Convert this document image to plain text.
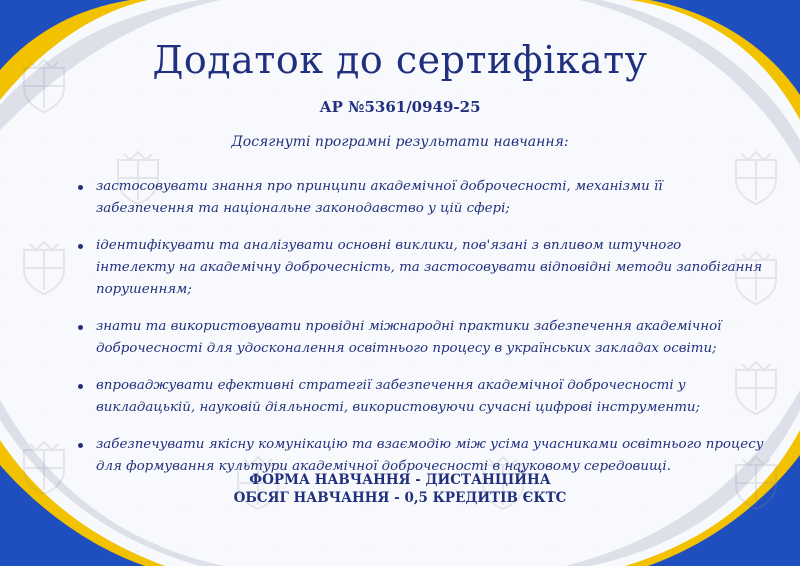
Додаток до сертифікату
АР №5361/0949-25
Досягнуті програмні результати навчання:
застосовувати знання про принципи академічної доброчесності, механізми її забезпечення та національне законодавство у цій сфері;
ідентифікувати та аналізувати основні виклики, пов'язані з впливом штучного інтелекту на академічну доброчесність, та застосовувати відповідні методи запобігання порушенням;
знати та використовувати провідні міжнародні практики забезпечення академічної доброчесності для удосконалення освітнього процесу в українських закладах освіти;
впроваджувати ефективні стратегії забезпечення академічної доброчесності у викладацькій, науковій діяльності, використовуючи сучасні цифрові інструменти;
забезпечувати якісну комунікацію та взаємодію між усіма учасниками освітнього процесу для формування культури академічної доброчесності в науковому середовищі.
ФОРМА НАВЧАННЯ - ДИСТАНЦІЙНА
ОБСЯГ НАВЧАННЯ - 0,5 КРЕДИТІВ ЄКТС
